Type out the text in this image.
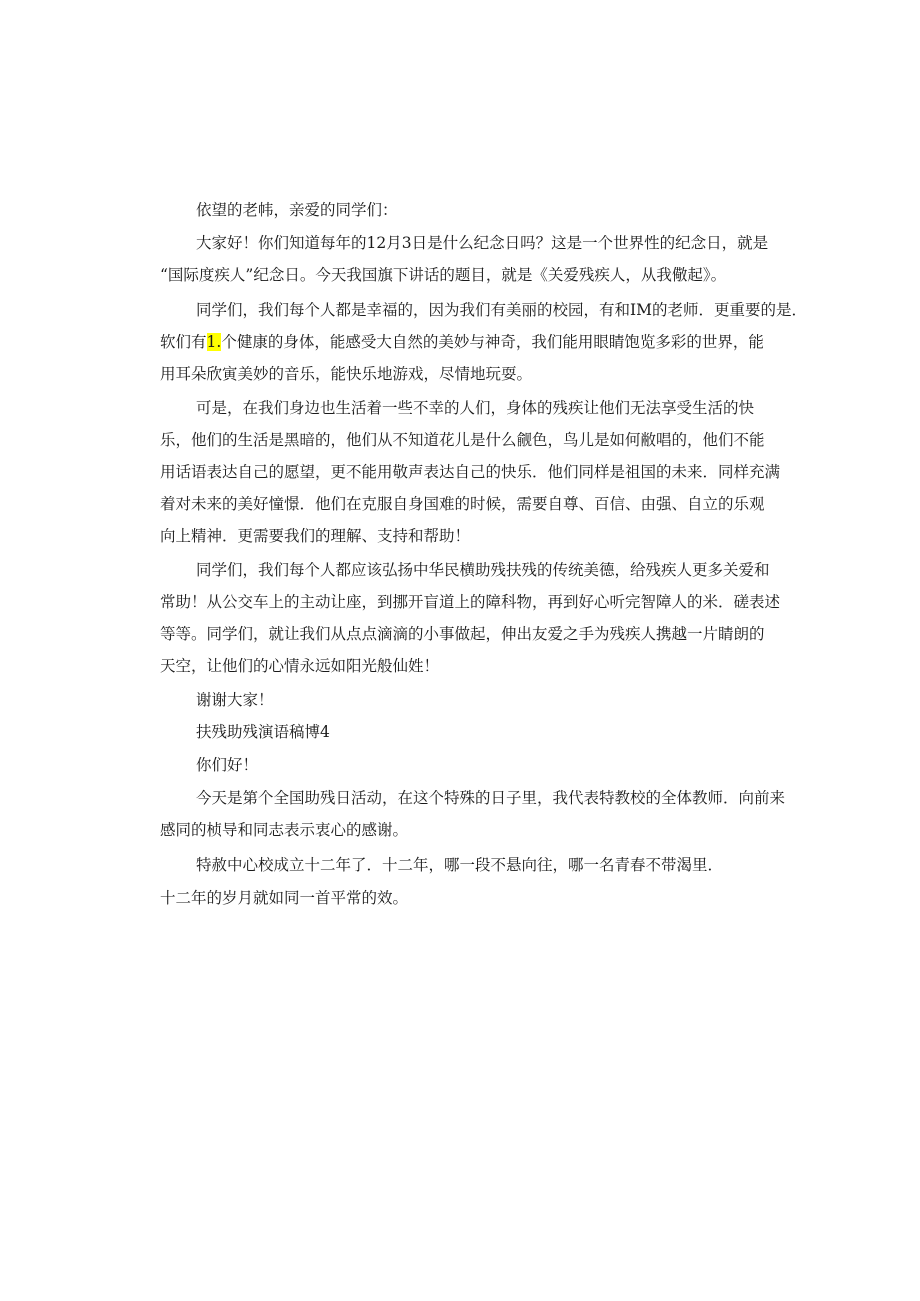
依望的老帏，亲爱的同学们：
大家好！你们知道每年的12月3日是什么纪念日吗？这是一个世界性的纪念日，就是
“国际度疾人”纪念日。今天我国旗下讲话的题目，就是《关爱残疾人，从我儆起》。
同学们，我们每个人都是幸福的，因为我们有美丽的校园，有和IM的老师．更重要的是．
软们有1.个健康的身体，能感受大自然的美妙与神奇，我们能用眼睛饱览多彩的世界，能
用耳朵欣寅美妙的音乐，能快乐地游戏，尽情地玩耍。
可是，在我们身边也生活着一些不幸的人们，身体的残疾让他们无法享受生活的快
乐，他们的生活是黑暗的，他们从不知道花儿是什么觎色，鸟儿是如何敝唱的，他们不能
用话语表达自己的愿望，更不能用敬声表达自己的快乐．他们同样是祖国的未来．同样充满
着对未来的美好憧憬．他们在克服自身国难的时候，需要自尊、百信、由强、自立的乐观
向上精神．更需要我们的理解、支持和帮助！
同学们，我们每个人都应该弘扬中华民横助残扶残的传统美德，给残疾人更多关爱和
常助！从公交车上的主动让座，到挪开盲道上的障科物，再到好心听完智障人的米．磋表述
等等。同学们，就让我们从点点滴滴的小事做起，伸出友爱之手为残疾人携越一片睛朗的
天空，让他们的心情永远如阳光般仙姓！
谢谢大家！
扶残助残演语稿博4
你们好！
今天是第个全国助残日活动，在这个特殊的日子里，我代表特教校的全体教师．向前来
感同的桢导和同志表示衷心的感谢。
特赦中心校成立十二年了．十二年，哪一段不悬向往，哪一名青春不带渴里．
十二年的岁月就如同一首平常的效。
